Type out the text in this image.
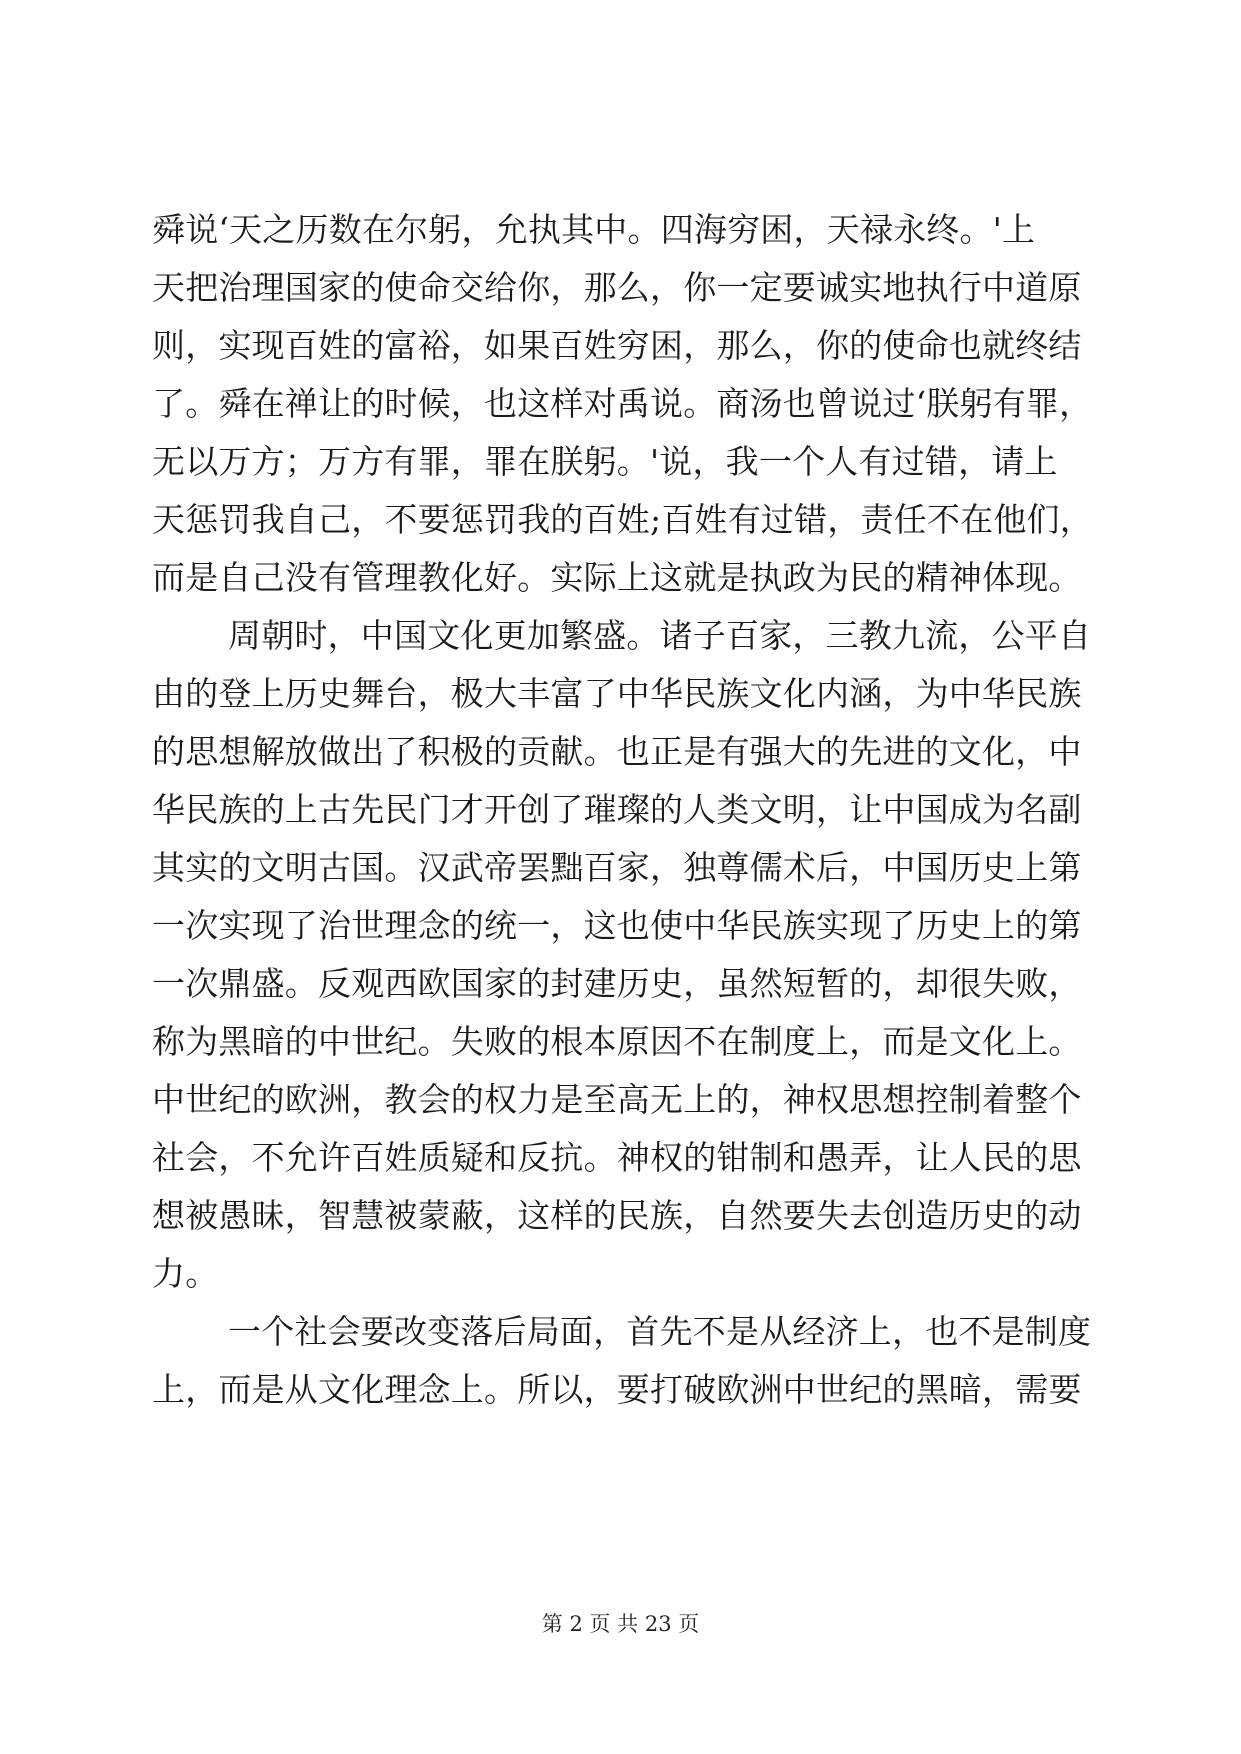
舜说‘天之历数在尔躬，允执其中。四海穷困，天禄永终。'上
天把治理国家的使命交给你，那么，你一定要诚实地执行中道原
则，实现百姓的富裕，如果百姓穷困，那么，你的使命也就终结
了。舜在禅让的时候，也这样对禹说。商汤也曾说过‘朕躬有罪，
无以万方；万方有罪，罪在朕躬。'说，我一个人有过错，请上
天惩罚我自己，不要惩罚我的百姓;百姓有过错，责任不在他们，
而是自己没有管理教化好。实际上这就是执政为民的精神体现。
周朝时，中国文化更加繁盛。诸子百家，三教九流，公平自
由的登上历史舞台，极大丰富了中华民族文化内涵，为中华民族
的思想解放做出了积极的贡献。也正是有强大的先进的文化，中
华民族的上古先民门才开创了璀璨的人类文明，让中国成为名副
其实的文明古国。汉武帝罢黜百家，独尊儒术后，中国历史上第
一次实现了治世理念的统一，这也使中华民族实现了历史上的第
一次鼎盛。反观西欧国家的封建历史，虽然短暂的，却很失败，
称为黑暗的中世纪。失败的根本原因不在制度上，而是文化上。
中世纪的欧洲，教会的权力是至高无上的，神权思想控制着整个
社会，不允许百姓质疑和反抗。神权的钳制和愚弄，让人民的思
想被愚昧，智慧被蒙蔽，这样的民族，自然要失去创造历史的动
力。
一个社会要改变落后局面，首先不是从经济上，也不是制度
上，而是从文化理念上。所以，要打破欧洲中世纪的黑暗，需要
第 2 页 共 23 页
